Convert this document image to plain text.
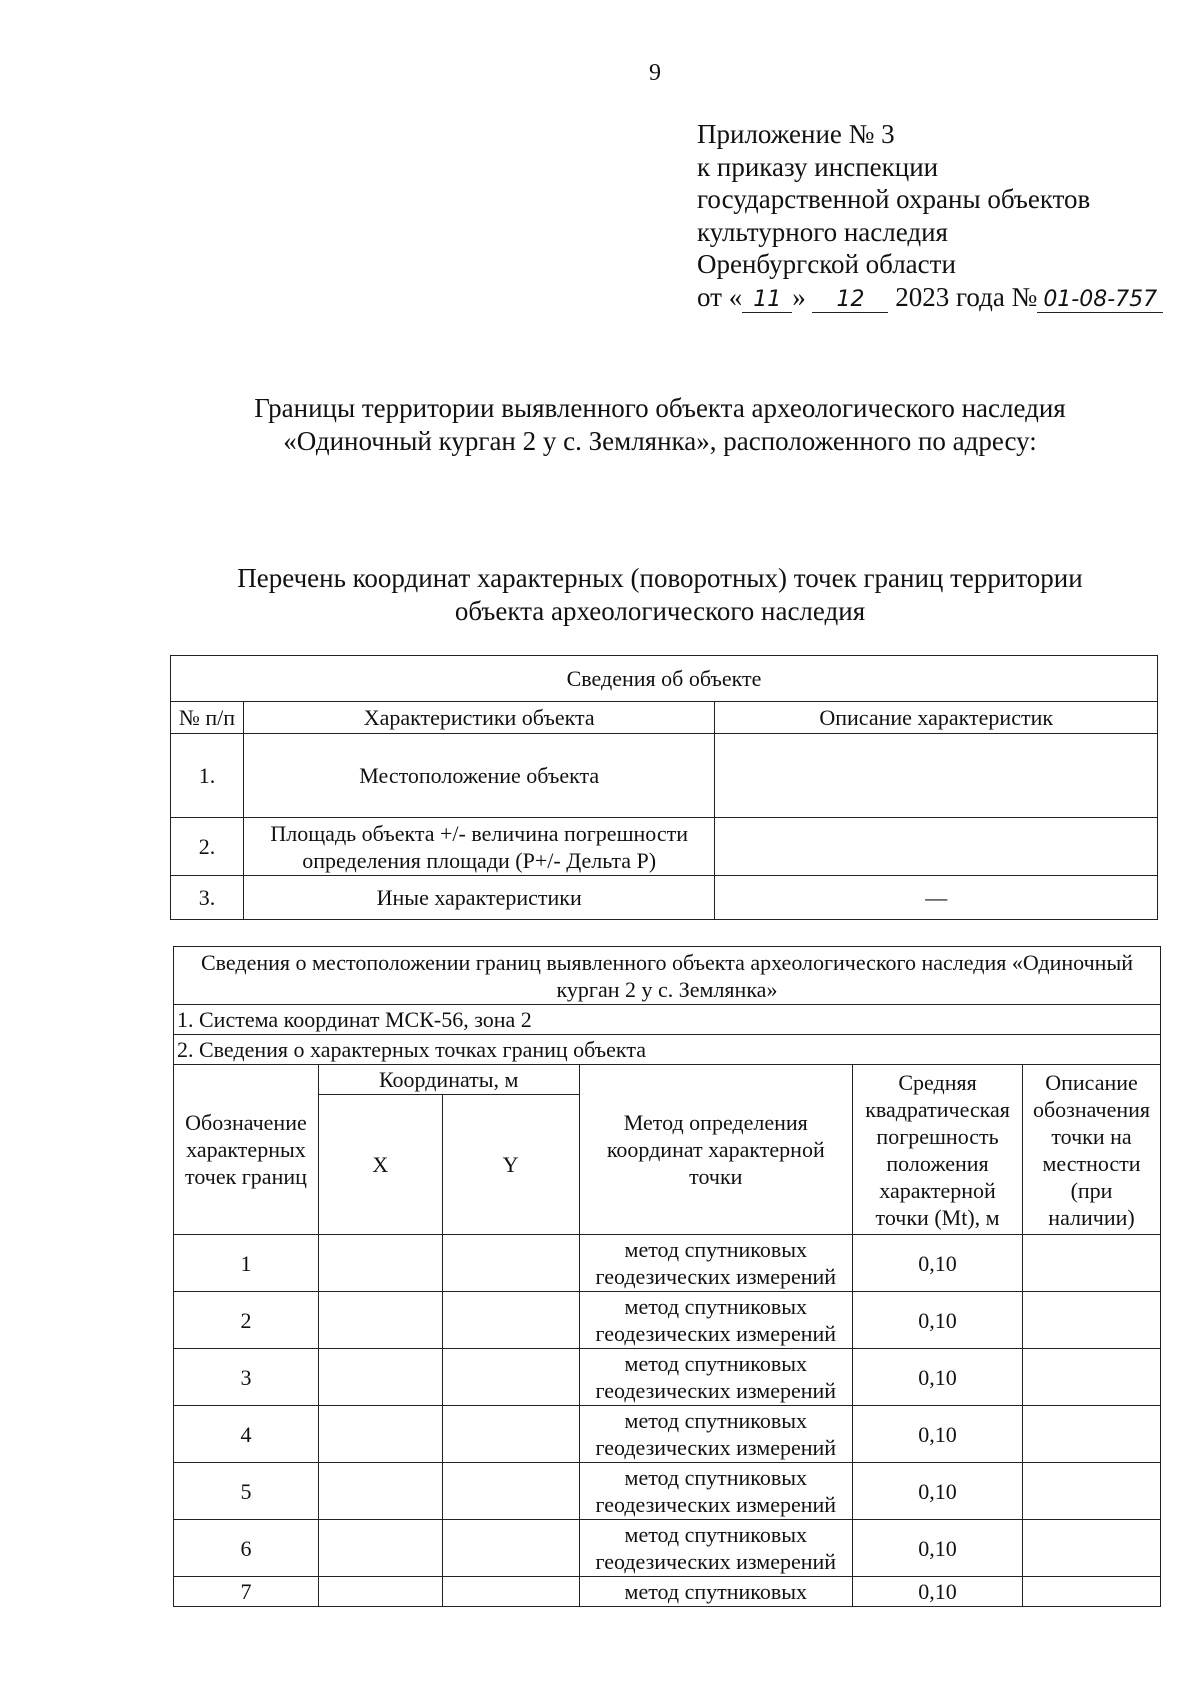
9
Приложение № 3
к приказу инспекции
государственной охраны объектов
культурного наследия
Оренбургской области
от « 11 » 12 2023 года № 01-08-757
Границы территории выявленного объекта археологического наследия
«Одиночный курган 2 у с. Землянка», расположенного по адресу:
Перечень координат характерных (поворотных) точек границ территории
объекта археологического наследия
Сведения об объекте		
№ п/п	Характеристики объекта	Описание характеристик
1.	Местоположение объекта	
2.	Площадь объекта +/- величина погрешности определения площади (P+/- Дельта P)	
3.	Иные характеристики	—
Сведения о местоположении границ выявленного объекта археологического наследия «Одиночный курган 2 у с. Землянка»					
1. Система координат МСК-56, зона 2					
2. Сведения о характерных точках границ объекта					
Обозначение характерных точек границ	Координаты, м		Метод определения координат характерной точки	Средняя квадратическая погрешность положения характерной точки (Mt), м	Описание обозначения точки на местности (при наличии)
	X	Y			
1			метод спутниковых геодезических измерений	0,10	
2			метод спутниковых геодезических измерений	0,10	
3			метод спутниковых геодезических измерений	0,10	
4			метод спутниковых геодезических измерений	0,10	
5			метод спутниковых геодезических измерений	0,10	
6			метод спутниковых геодезических измерений	0,10	
7			метод спутниковых	0,10	
